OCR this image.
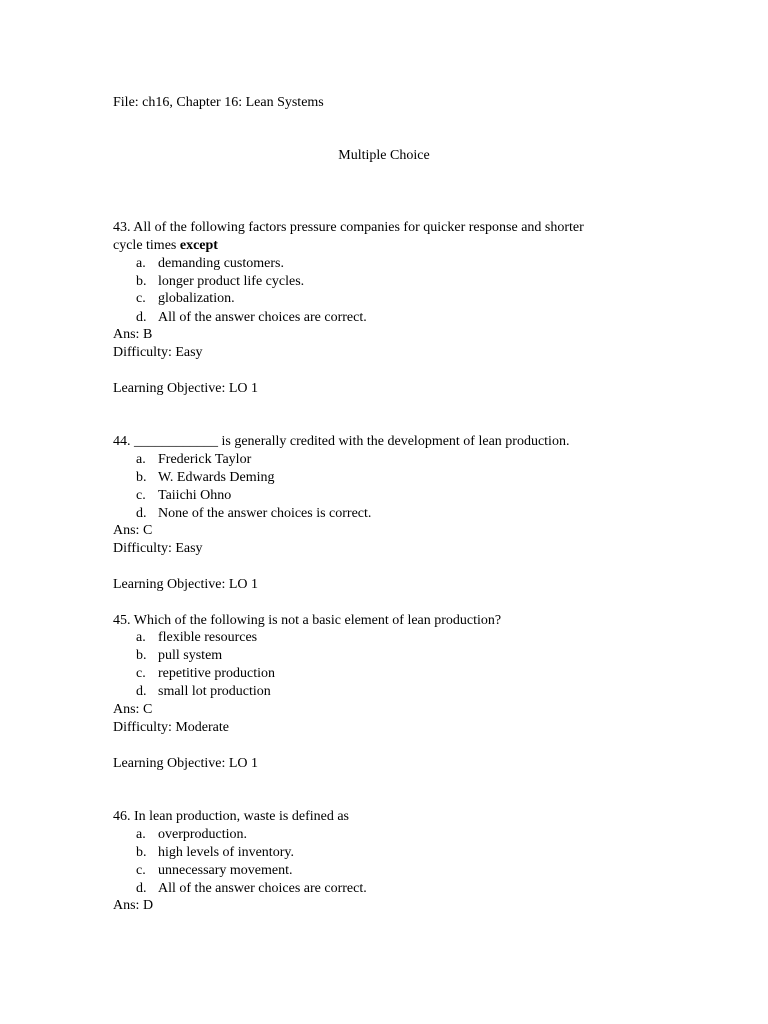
File: ch16, Chapter 16: Lean Systems
Multiple Choice
43. All of the following factors pressure companies for quicker response and shorter
cycle times except
a. demanding customers.
b. longer product life cycles.
c. globalization.
d. All of the answer choices are correct.
Ans: B
Difficulty: Easy
Learning Objective: LO 1
44. ____________ is generally credited with the development of lean production.
a. Frederick Taylor
b. W. Edwards Deming
c. Taiichi Ohno
d. None of the answer choices is correct.
Ans: C
Difficulty: Easy
Learning Objective: LO 1
45. Which of the following is not a basic element of lean production?
a. flexible resources
b. pull system
c. repetitive production
d. small lot production
Ans: C
Difficulty: Moderate
Learning Objective: LO 1
46. In lean production, waste is defined as
a. overproduction.
b. high levels of inventory.
c. unnecessary movement.
d. All of the answer choices are correct.
Ans: D
